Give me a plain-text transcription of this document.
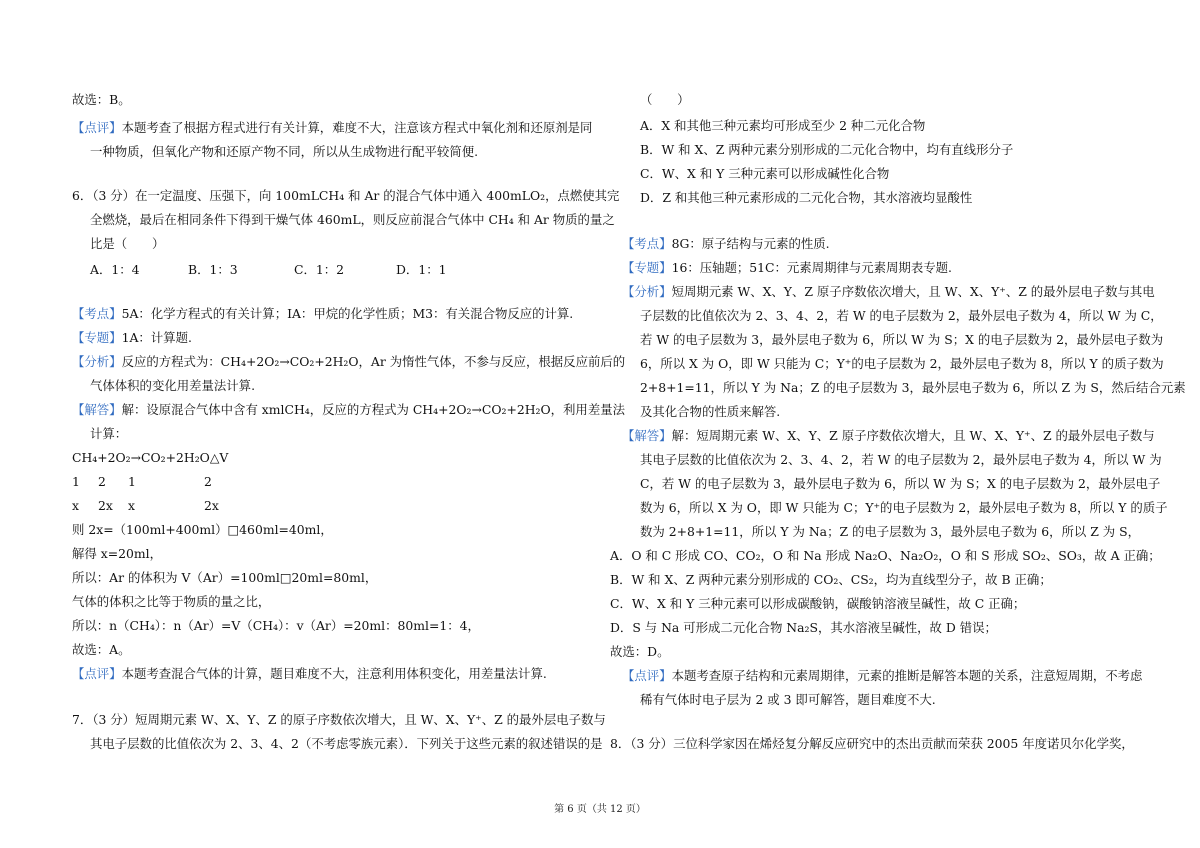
故选：B。
【点评】本题考查了根据方程式进行有关计算，难度不大，注意该方程式中氧化剂和还原剂是同
一种物质，但氧化产物和还原产物不同，所以从生成物进行配平较简便.
6．（3 分）在一定温度、压强下，向 100mLCH₄ 和 Ar 的混合气体中通入 400mLO₂，点燃使其完
全燃烧，最后在相同条件下得到干燥气体 460mL，则反应前混合气体中 CH₄ 和 Ar 物质的量之
比是（　　）
A．1：4	B．1：3	C．1：2	D．1：1
【考点】5A：化学方程式的有关计算；IA：甲烷的化学性质；M3：有关混合物反应的计算.
【专题】1A：计算题.
【分析】反应的方程式为：CH₄+2O₂→CO₂+2H₂O，Ar 为惰性气体，不参与反应，根据反应前后的
气体体积的变化用差量法计算.
【解答】解：设原混合气体中含有 xmlCH₄，反应的方程式为 CH₄+2O₂→CO₂+2H₂O，利用差量法
计算：
CH₄+2O₂→CO₂+2H₂O△V
1 2 1	2
x 2x x	2x
则 2x=（100ml+400ml）□460ml=40ml，
解得 x=20ml，
所以：Ar 的体积为 V（Ar）=100ml□20ml=80ml，
气体的体积之比等于物质的量之比，
所以：n（CH₄）：n（Ar）=V（CH₄）：v（Ar）=20ml：80ml=1：4，
故选：A。
【点评】本题考查混合气体的计算，题目难度不大，注意利用体积变化，用差量法计算.
7．（3 分）短周期元素 W、X、Y、Z 的原子序数依次增大，且 W、X、Y⁺、Z 的最外层电子数与
其电子层数的比值依次为 2、3、4、2（不考虑零族元素）．下列关于这些元素的叙述错误的是
（　　）
A．X 和其他三种元素均可形成至少 2 种二元化合物
B．W 和 X、Z 两种元素分别形成的二元化合物中，均有直线形分子
C．W、X 和 Y 三种元素可以形成碱性化合物
D．Z 和其他三种元素形成的二元化合物，其水溶液均显酸性
【考点】8G：原子结构与元素的性质.
【专题】16：压轴题；51C：元素周期律与元素周期表专题.
【分析】短周期元素 W、X、Y、Z 原子序数依次增大，且 W、X、Y⁺、Z 的最外层电子数与其电
子层数的比值依次为 2、3、4、2，若 W 的电子层数为 2，最外层电子数为 4，所以 W 为 C，
若 W 的电子层数为 3，最外层电子数为 6，所以 W 为 S；X 的电子层数为 2，最外层电子数为
6，所以 X 为 O，即 W 只能为 C；Y⁺的电子层数为 2，最外层电子数为 8，所以 Y 的质子数为
2+8+1=11，所以 Y 为 Na；Z 的电子层数为 3，最外层电子数为 6，所以 Z 为 S，然后结合元素
及其化合物的性质来解答.
【解答】解：短周期元素 W、X、Y、Z 原子序数依次增大，且 W、X、Y⁺、Z 的最外层电子数与
其电子层数的比值依次为 2、3、4、2，若 W 的电子层数为 2，最外层电子数为 4，所以 W 为
C，若 W 的电子层数为 3，最外层电子数为 6，所以 W 为 S；X 的电子层数为 2，最外层电子
数为 6，所以 X 为 O，即 W 只能为 C；Y⁺的电子层数为 2，最外层电子数为 8，所以 Y 的质子
数为 2+8+1=11，所以 Y 为 Na；Z 的电子层数为 3，最外层电子数为 6，所以 Z 为 S，
A．O 和 C 形成 CO、CO₂，O 和 Na 形成 Na₂O、Na₂O₂，O 和 S 形成 SO₂、SO₃，故 A 正确；
B．W 和 X、Z 两种元素分别形成的 CO₂、CS₂，均为直线型分子，故 B 正确；
C．W、X 和 Y 三种元素可以形成碳酸钠，碳酸钠溶液呈碱性，故 C 正确；
D．S 与 Na 可形成二元化合物 Na₂S，其水溶液呈碱性，故 D 错误；
故选：D。
【点评】本题考查原子结构和元素周期律，元素的推断是解答本题的关系，注意短周期，不考虑
稀有气体时电子层为 2 或 3 即可解答，题目难度不大.
8．（3 分）三位科学家因在烯烃复分解反应研究中的杰出贡献而荣获 2005 年度诺贝尔化学奖，
第 6 页（共 12 页）
